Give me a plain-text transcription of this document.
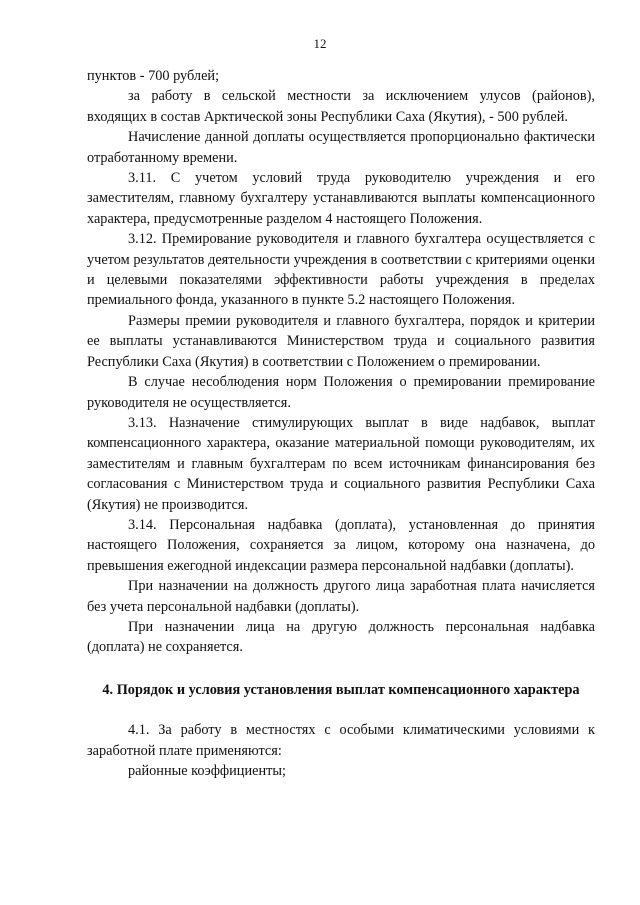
12

пунктов - 700 рублей;

за работу в сельской местности за исключением улусов (районов), входящих в состав Арктической зоны Республики Саха (Якутия), - 500 рублей.

Начисление данной доплаты осуществляется пропорционально фактически отработанному времени.

3.11. С учетом условий труда руководителю учреждения и его заместителям, главному бухгалтеру устанавливаются выплаты компенсационного характера, предусмотренные разделом 4 настоящего Положения.

3.12. Премирование руководителя и главного бухгалтера осуществляется с учетом результатов деятельности учреждения в соответствии с критериями оценки и целевыми показателями эффективности работы учреждения в пределах премиального фонда, указанного в пункте 5.2 настоящего Положения.

Размеры премии руководителя и главного бухгалтера, порядок и критерии ее выплаты устанавливаются Министерством труда и социального развития Республики Саха (Якутия) в соответствии с Положением о премировании.

В случае несоблюдения норм Положения о премировании премирование руководителя не осуществляется.

3.13. Назначение стимулирующих выплат в виде надбавок, выплат компенсационного характера, оказание материальной помощи руководителям, их заместителям и главным бухгалтерам по всем источникам финансирования без согласования с Министерством труда и социального развития Республики Саха (Якутия) не производится.

3.14. Персональная надбавка (доплата), установленная до принятия настоящего Положения, сохраняется за лицом, которому она назначена, до превышения ежегодной индексации размера персональной надбавки (доплаты).

При назначении на должность другого лица заработная плата начисляется без учета персональной надбавки (доплаты).

При назначении лица на другую должность персональная надбавка (доплата) не сохраняется.

4. Порядок и условия установления выплат компенсационного характера

4.1. За работу в местностях с особыми климатическими условиями к заработной плате применяются:

районные коэффициенты;
